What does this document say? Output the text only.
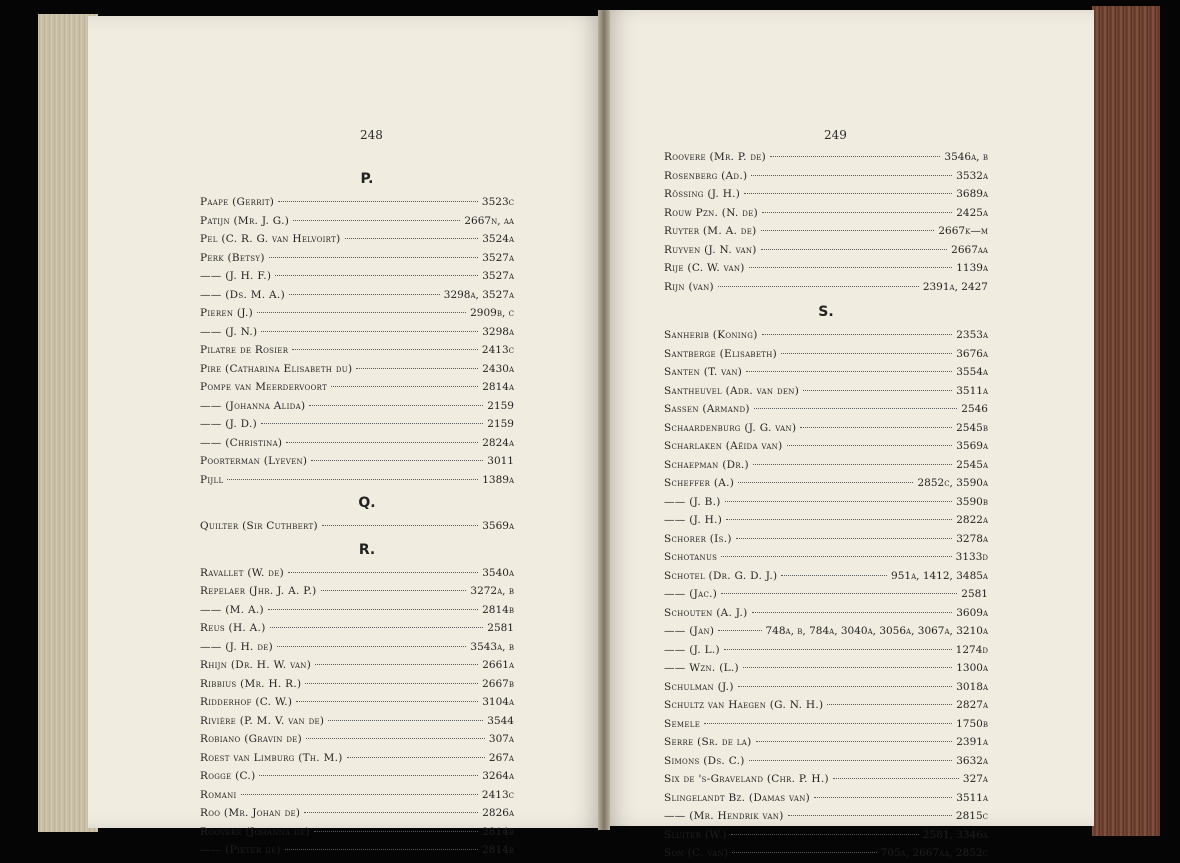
248	249
P.
Paape (Gerrit)	3523c
Patijn (Mr. J. G.)	2667n, aa
Pel (C. R. G. van Helvoirt)	3524a
Perk (Betsy)	3527a
—— (J. H. F.)	3527a
—— (Ds. M. A.)	3298a, 3527a
Pieren (J.)	2909b, c
—— (J. N.)	3298a
Pilatre de Rosier	2413c
Pire (Catharina Elisabeth du)	2430a
Pompe van Meerdervoort	2814a
—— (Johanna Alida)	2159
—— (J. D.)	2159
—— (Christina)	2824a
Poorterman (Lyeven)	3011
Pijll	1389a
Q.
Quilter (Sir Cuthbert)	3569a
R.
Ravallet (W. de)	3540a
Repelaer (Jhr. J. A. P.)	3272a, b
—— (M. A.)	2814b
Reus (H. A.)	2581
—— (J. H. de)	3543a, b
Rhijn (Dr. H. W. van)	2661a
Ribbius (Mr. H. R.)	2667b
Ridderhof (C. W.)	3104a
Rivière (P. M. V. van de)	3544
Robiano (Gravin de)	307a
Roest van Limburg (Th. M.)	267a
Rogge (C.)	3264a
Romani	2413c
Roo (Mr. Johan de)	2826a
Roovere (Johanna de)	2814b
—— (Pieter de)	2814b
Roovere (Mr. P. de)	3546a, b
Rosenberg (Ad.)	3532a
Rössing (J. H.)	3689a
Rouw Pzn. (N. de)	2425a
Ruyter (M. A. de)	2667k—m
Ruyven (J. N. van)	2667aa
Rije (C. W. van)	1139a
Rijn (van)	2391a, 2427
S.
Sanherib (Koning)	2353a
Santberge (Elisabeth)	3676a
Santen (T. van)	3554a
Santheuvel (Adr. van den)	3511a
Sassen (Armand)	2546
Schaardenburg (J. G. van)	2545b
Scharlaken (Aëida van)	3569a
Schaepman (Dr.)	2545a
Scheffer (A.)	2852c, 3590a
—— (J. B.)	3590b
—— (J. H.)	2822a
Schorer (Is.)	3278a
Schotanus	3133d
Schotel (Dr. G. D. J.)	951a, 1412, 3485a
—— (Jac.)	2581
Schouten (A. J.)	3609a
—— (Jan)	748a, b, 784a, 3040a, 3056a, 3067a, 3210a
—— (J. L.)	1274d
—— Wzn. (L.)	1300a
Schulman (J.)	3018a
Schultz van Haegen (G. N. H.)	2827a
Semele	1750b
Serre (Sr. de la)	2391a
Simons (Ds. C.)	3632a
Six de 's-Graveland (Chr. P. H.)	327a
Slingelandt Bz. (Damas van)	3511a
—— (Mr. Hendrik van)	2815c
Sluiter (W.)	2581, 3346a
Son (C. van)	705a, 2667aa, 2852c
